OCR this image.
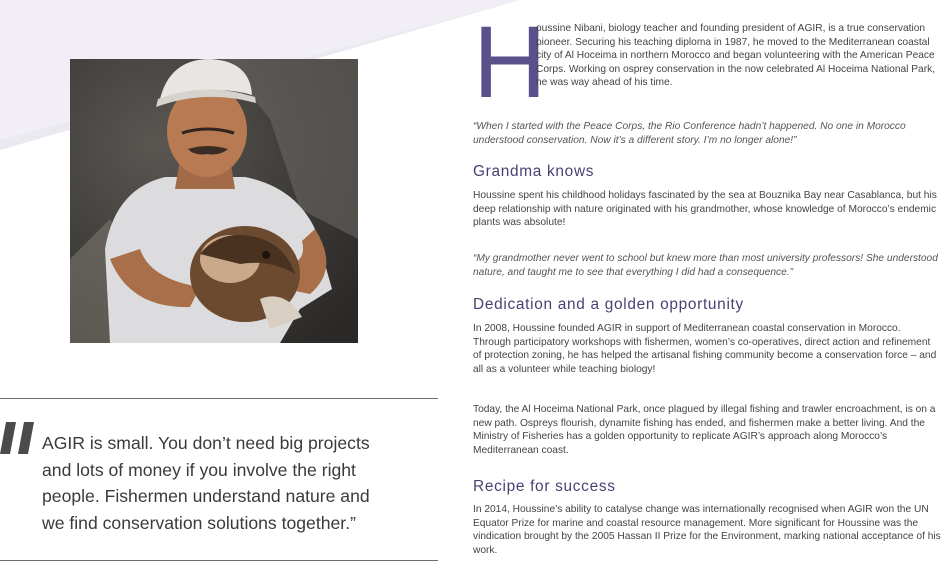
AGIR is small. You don’t need big projects and lots of money if you involve the right people. Fishermen understand nature and we find conservation solutions together.”

H

oussine Nibani, biology teacher and founding president of AGIR, is a true conservation pioneer. Securing his teaching diploma in 1987, he moved to the Mediterranean coastal city of Al Hoceima in northern Morocco and began volunteering with the American Peace Corps. Working on osprey conservation in the now celebrated Al Hoceima National Park, he was way ahead of his time.

“When I started with the Peace Corps, the Rio Conference hadn’t happened. No one in Morocco understood conservation. Now it’s a different story. I’m no longer alone!”

Grandma knows

Houssine spent his childhood holidays fascinated by the sea at Bouznika Bay near Casablanca, but his deep relationship with nature originated with his grandmother, whose knowledge of Morocco’s endemic plants was absolute!

“My grandmother never went to school but knew more than most university professors! She understood nature, and taught me to see that everything I did had a consequence.”

Dedication and a golden opportunity

In 2008, Houssine founded AGIR in support of Mediterranean coastal conservation in Morocco. Through participatory workshops with fishermen, women’s co-operatives, direct action and refinement of protection zoning, he has helped the artisanal fishing community become a conservation force – and all as a volunteer while teaching biology!

Today, the Al Hoceima National Park, once plagued by illegal fishing and trawler encroachment, is on a new path. Ospreys flourish, dynamite fishing has ended, and fishermen make a better living. And the Ministry of Fisheries has a golden opportunity to replicate AGIR’s approach along Morocco’s Mediterranean coast.

Recipe for success

In 2014, Houssine’s ability to catalyse change was internationally recognised when AGIR won the UN Equator Prize for marine and coastal resource management. More significant for Houssine was the vindication brought by the 2005 Hassan II Prize for the Environment, marking national acceptance of his work.
